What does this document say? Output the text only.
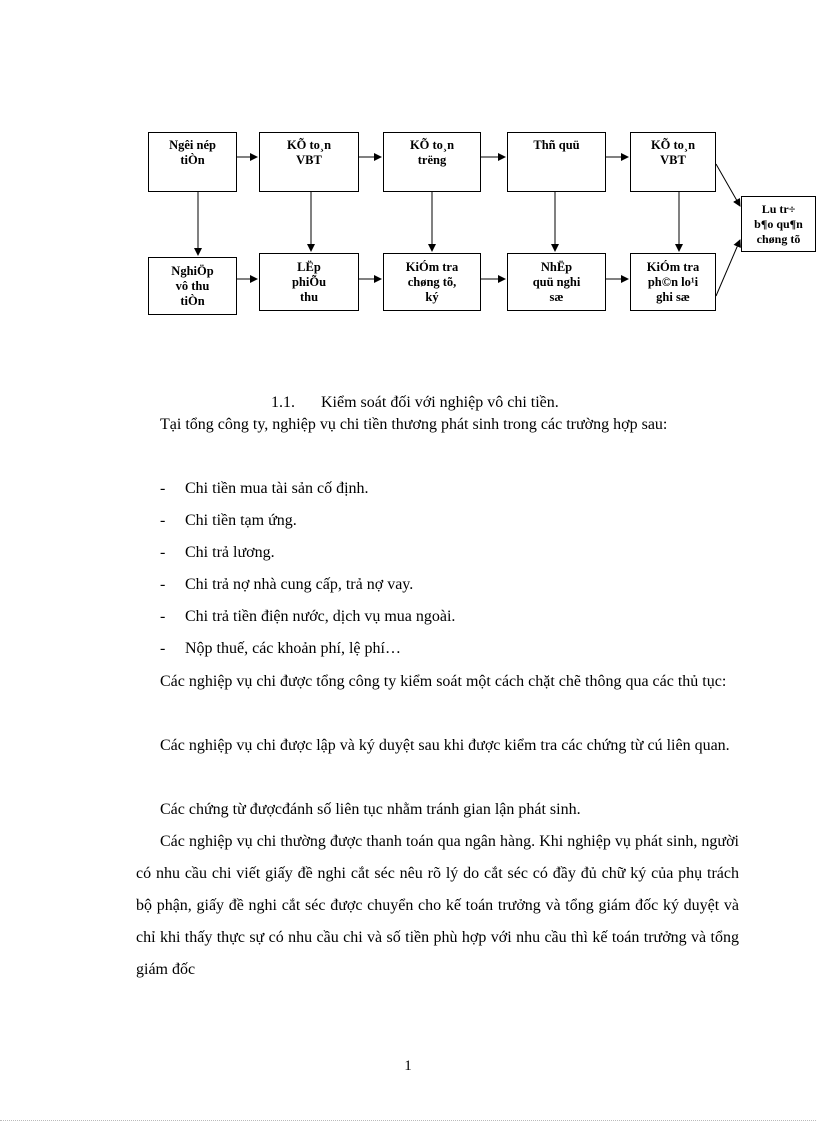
Ngêi nép
tiÒn
KÕ to¸n
VBT
KÕ to¸n
trëng
Thñ quü	KÕ to¸n
VBT
NghiÖp
vô thu
tiÒn
LËp
phiÕu
thu
KiÓm tra
chøng tõ,
ký
NhËp
quü nghi
sæ
KiÓm tra
ph©n lo¹i
ghi sæ
Lu tr÷
b¶o qu¶n
chøng tõ
1.1. Kiểm soát đối với nghiệp vô chi tiền.
Tại tổng công ty, nghiệp vụ chi tiền thương phát sinh trong các trường hợp sau:
- Chi tiền mua tài sản cố định.
- Chi tiền tạm ứng.
- Chi trả lương.
- Chi trả nợ nhà cung cấp, trả nợ vay.
- Chi trả tiền điện nước, dịch vụ mua ngoài.
- Nộp thuế, các khoản phí, lệ phí…
Các nghiệp vụ chi được tổng công ty kiểm soát một cách chặt chẽ thông qua các thủ tục:
Các nghiệp vụ chi được lập và ký duyệt sau khi được kiểm tra các chứng từ cú liên quan.
Các chứng từ đượcđánh số liên tục nhằm tránh gian lận phát sinh.
Các nghiệp vụ chi thường được thanh toán qua ngân hàng. Khi nghiệp vụ phát sinh, người có nhu cầu chi viết giấy đề nghi cắt séc nêu rõ lý do cắt séc có đầy đủ chữ ký của phụ trách bộ phận, giấy đề nghi cắt séc được chuyển cho kế toán trưởng và tổng giám đốc ký duyệt và chỉ khi thấy thực sự có nhu cầu chi và số tiền phù hợp với nhu cầu thì kế toán trưởng và tổng giám đốc
1
